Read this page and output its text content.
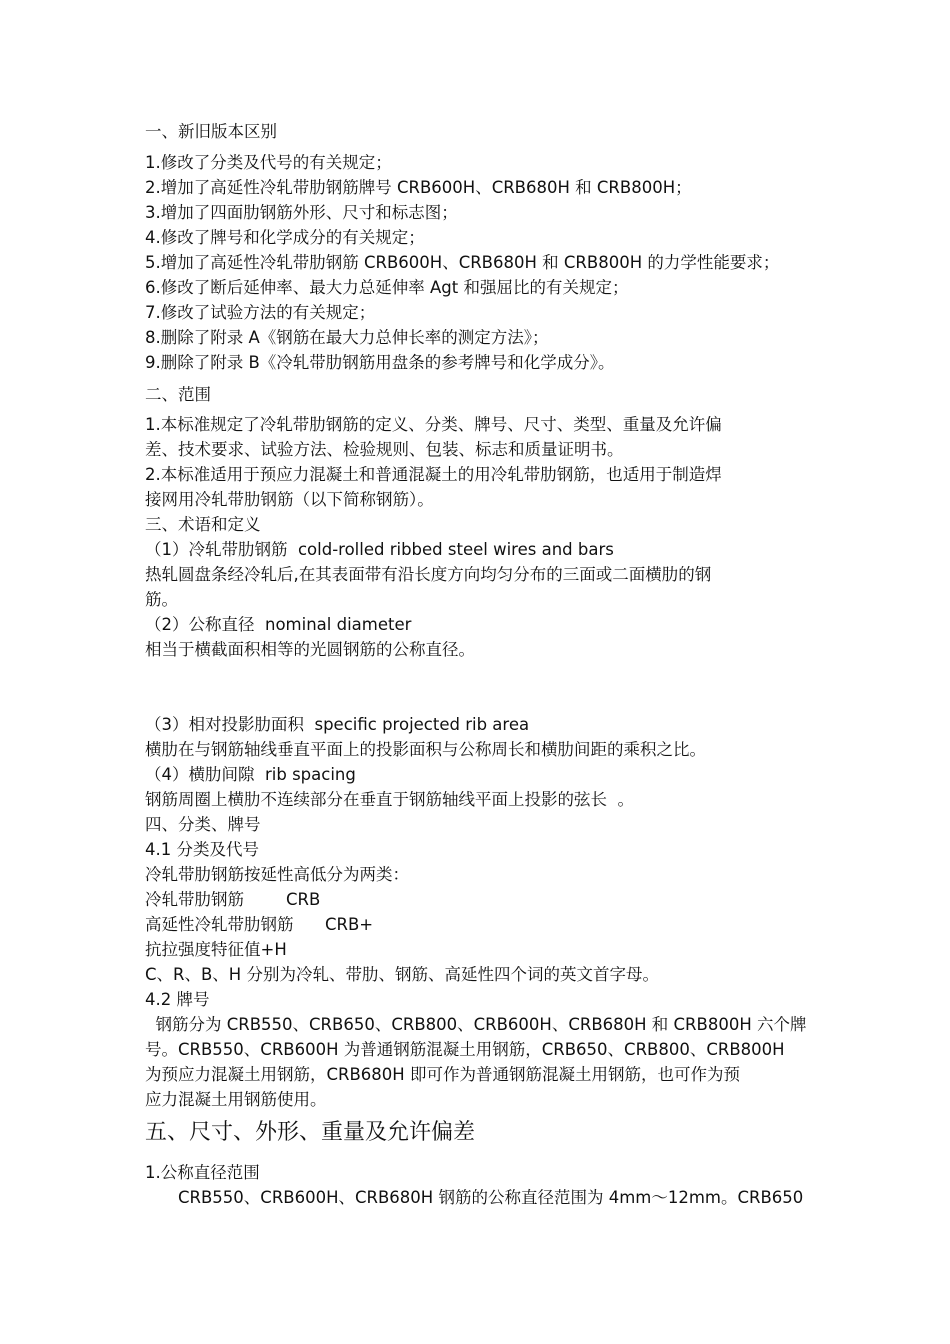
一、新旧版本区别

1.修改了分类及代号的有关规定；

2.增加了高延性冷轧带肋钢筋牌号 CRB600H、CRB680H 和 CRB800H；

3.增加了四面肋钢筋外形、尺寸和标志图；

4.修改了牌号和化学成分的有关规定；

5.增加了高延性冷轧带肋钢筋 CRB600H、CRB680H 和 CRB800H 的力学性能要求；

6.修改了断后延伸率、最大力总延伸率 Agt 和强屈比的有关规定；

7.修改了试验方法的有关规定；

8.删除了附录 A《钢筋在最大力总伸长率的测定方法》；

9.删除了附录 B《冷轧带肋钢筋用盘条的参考牌号和化学成分》。

二、范围

1.本标准规定了冷轧带肋钢筋的定义、分类、牌号、尺寸、类型、重量及允许偏

差、技术要求、试验方法、检验规则、包装、标志和质量证明书。

2.本标准适用于预应力混凝土和普通混凝土的用冷轧带肋钢筋，也适用于制造焊

接网用冷轧带肋钢筋（以下简称钢筋）。

三、术语和定义

（1）冷轧带肋钢筋  cold-rolled ribbed steel wires and bars

热轧圆盘条经冷轧后,在其表面带有沿长度方向均匀分布的三面或二面横肋的钢

筋。

（2）公称直径  nominal diameter

相当于横截面积相等的光圆钢筋的公称直径。

（3）相对投影肋面积  specific projected rib area

横肋在与钢筋轴线垂直平面上的投影面积与公称周长和横肋间距的乘积之比。

（4）横肋间隙  rib spacing

钢筋周圈上横肋不连续部分在垂直于钢筋轴线平面上投影的弦长  。

四、分类、牌号

4.1 分类及代号

冷轧带肋钢筋按延性高低分为两类：

冷轧带肋钢筋        CRB

高延性冷轧带肋钢筋      CRB+

抗拉强度特征值+H

C、R、B、H 分别为冷轧、带肋、钢筋、高延性四个词的英文首字母。

4.2 牌号

钢筋分为 CRB550、CRB650、CRB800、CRB600H、CRB680H 和 CRB800H 六个牌

号。CRB550、CRB600H 为普通钢筋混凝土用钢筋，CRB650、CRB800、CRB800H

为预应力混凝土用钢筋，CRB680H 即可作为普通钢筋混凝土用钢筋，也可作为预

应力混凝土用钢筋使用。

五、尺寸、外形、重量及允许偏差

1.公称直径范围

CRB550、CRB600H、CRB680H 钢筋的公称直径范围为 4mm～12mm。CRB650
